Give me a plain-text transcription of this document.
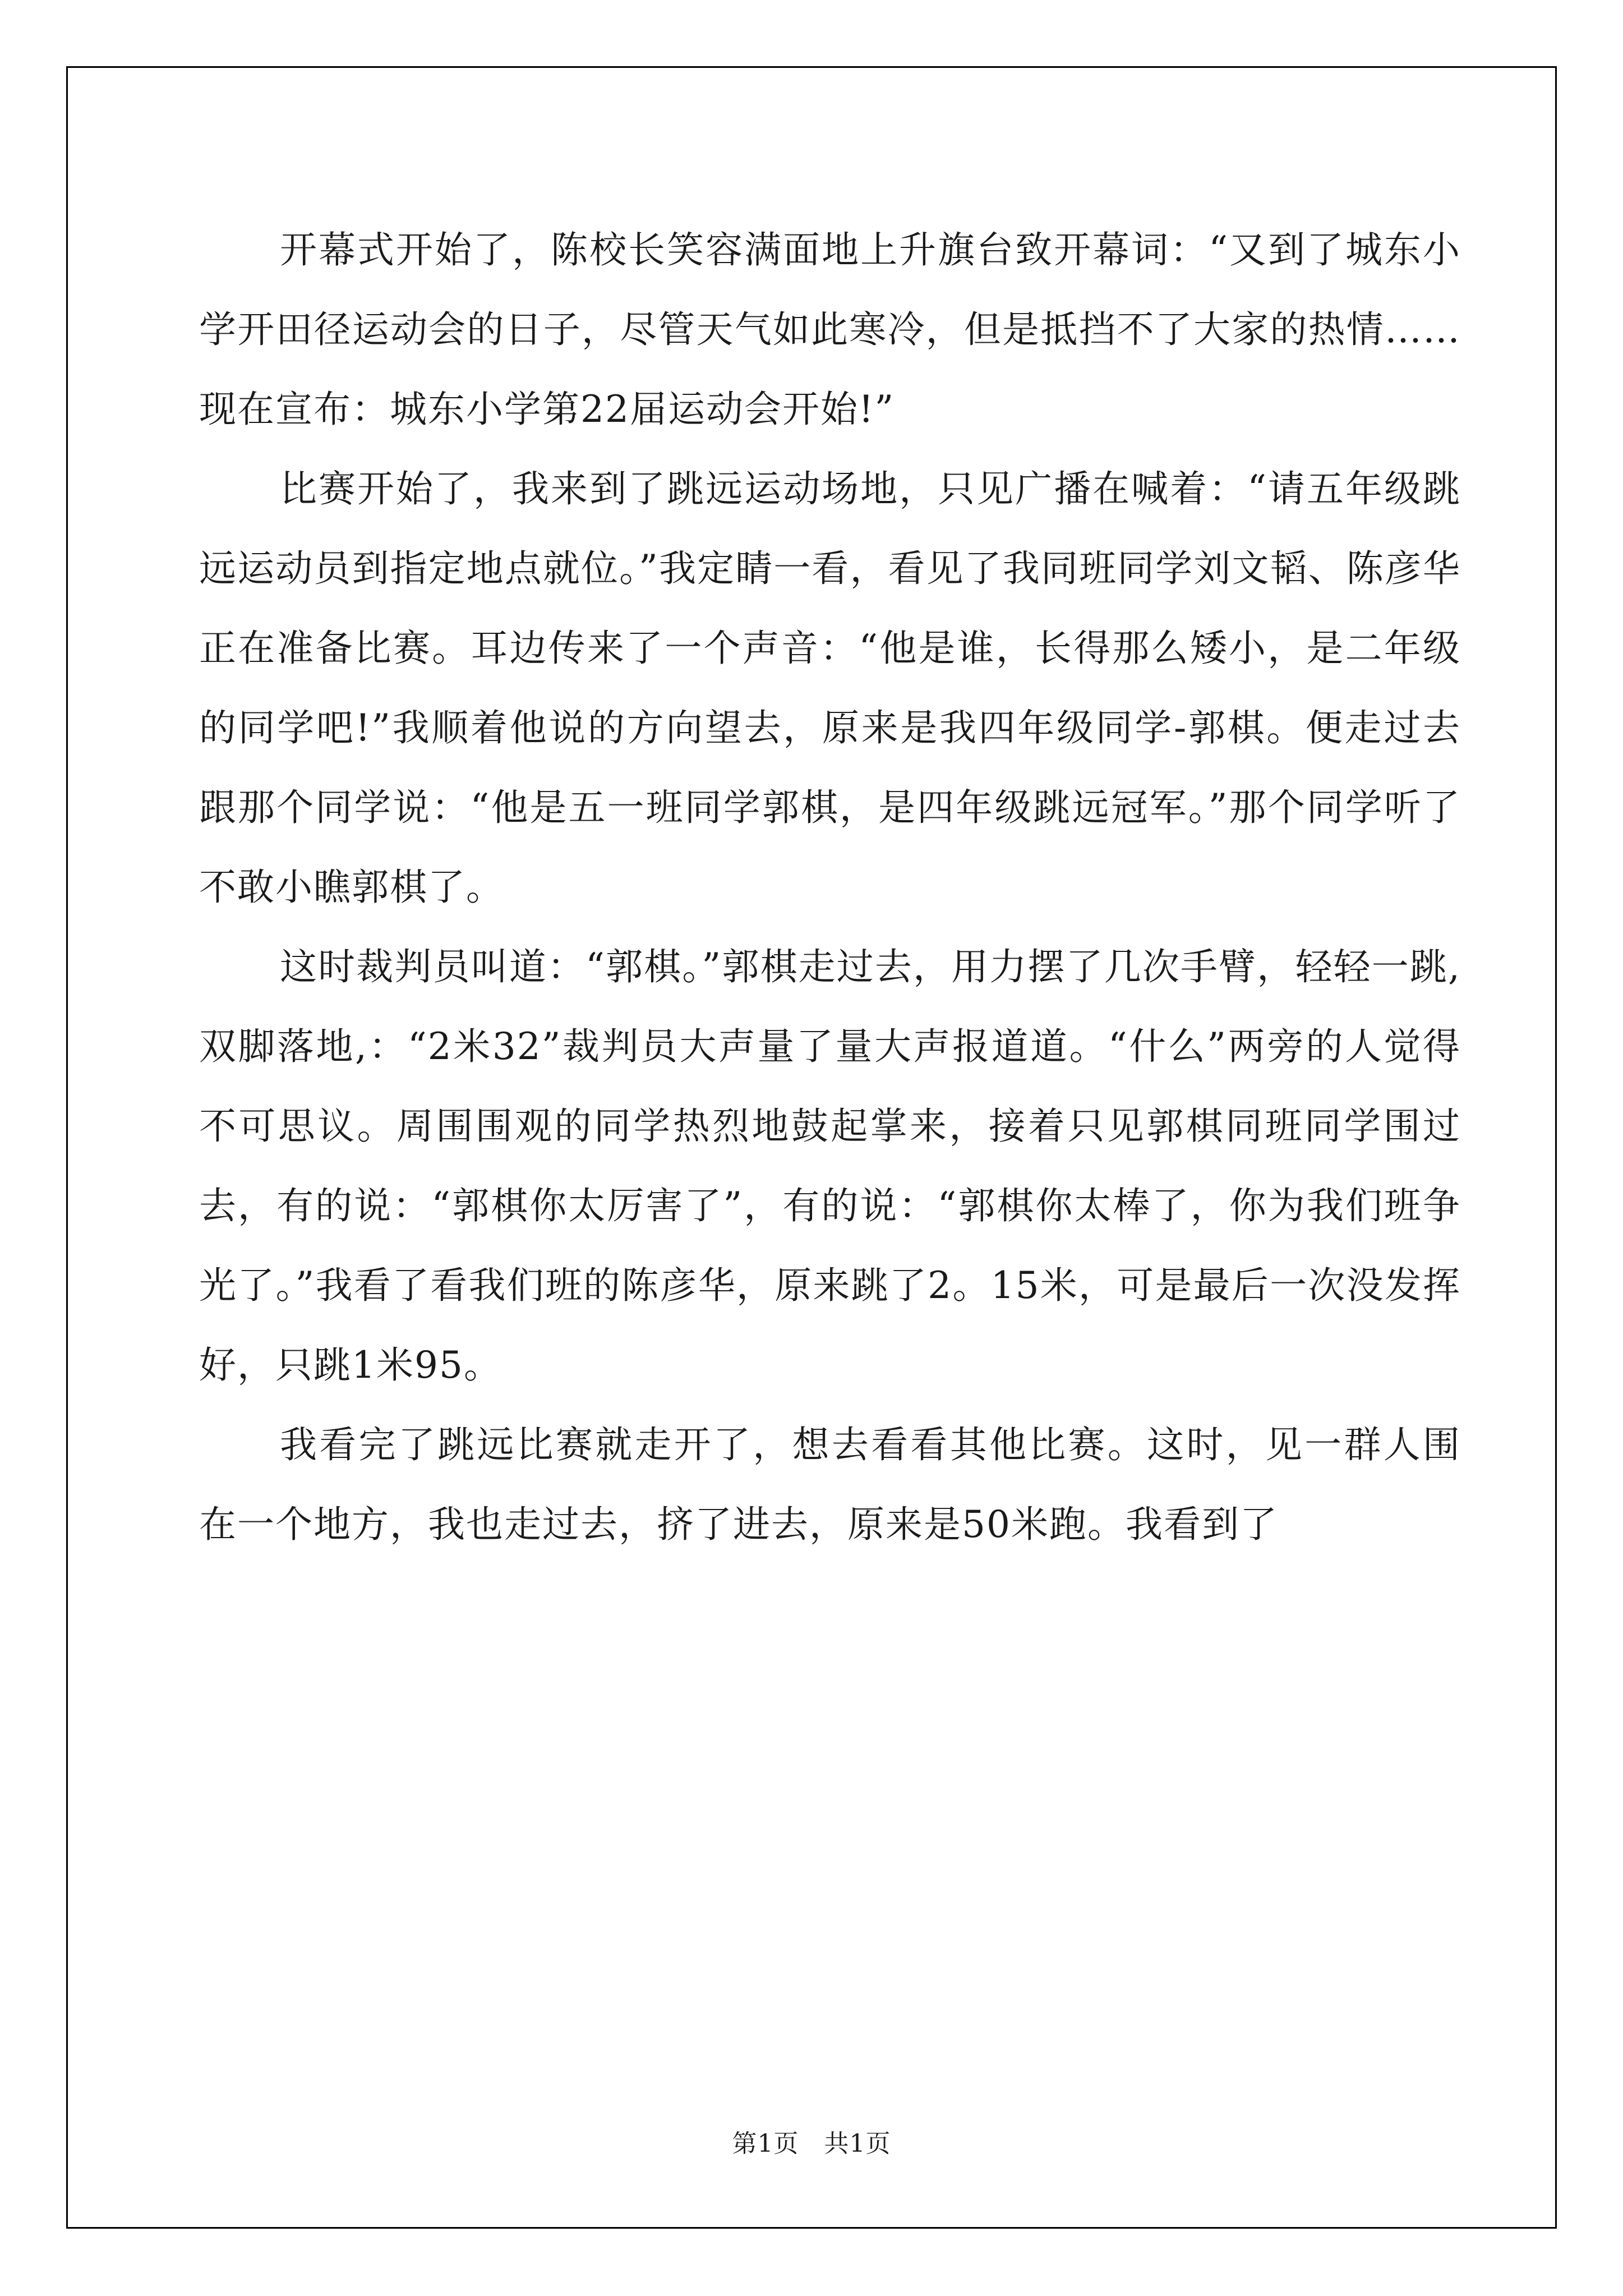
开幕式开始了，陈校长笑容满面地上升旗台致开幕词：“又到了城东小学开田径运动会的日子，尽管天气如此寒冷，但是抵挡不了大家的热情……现在宣布：城东小学第22届运动会开始!”

比赛开始了，我来到了跳远运动场地，只见广播在喊着：“请五年级跳远运动员到指定地点就位。”我定睛一看，看见了我同班同学刘文韬、陈彦华正在准备比赛。耳边传来了一个声音：“他是谁，长得那么矮小，是二年级的同学吧!”我顺着他说的方向望去，原来是我四年级同学-郭棋。便走过去跟那个同学说：“他是五一班同学郭棋，是四年级跳远冠军。”那个同学听了不敢小瞧郭棋了。

这时裁判员叫道：“郭棋。”郭棋走过去，用力摆了几次手臂，轻轻一跳,双脚落地,：“2米32”裁判员大声量了量大声报道道。“什么”两旁的人觉得不可思议。周围围观的同学热烈地鼓起掌来，接着只见郭棋同班同学围过去，有的说：“郭棋你太厉害了”，有的说：“郭棋你太棒了，你为我们班争光了。”我看了看我们班的陈彦华，原来跳了2。15米，可是最后一次没发挥好，只跳1米95。

我看完了跳远比赛就走开了，想去看看其他比赛。这时，见一群人围在一个地方，我也走过去，挤了进去，原来是50米跑。我看到了

第1页　共1页
